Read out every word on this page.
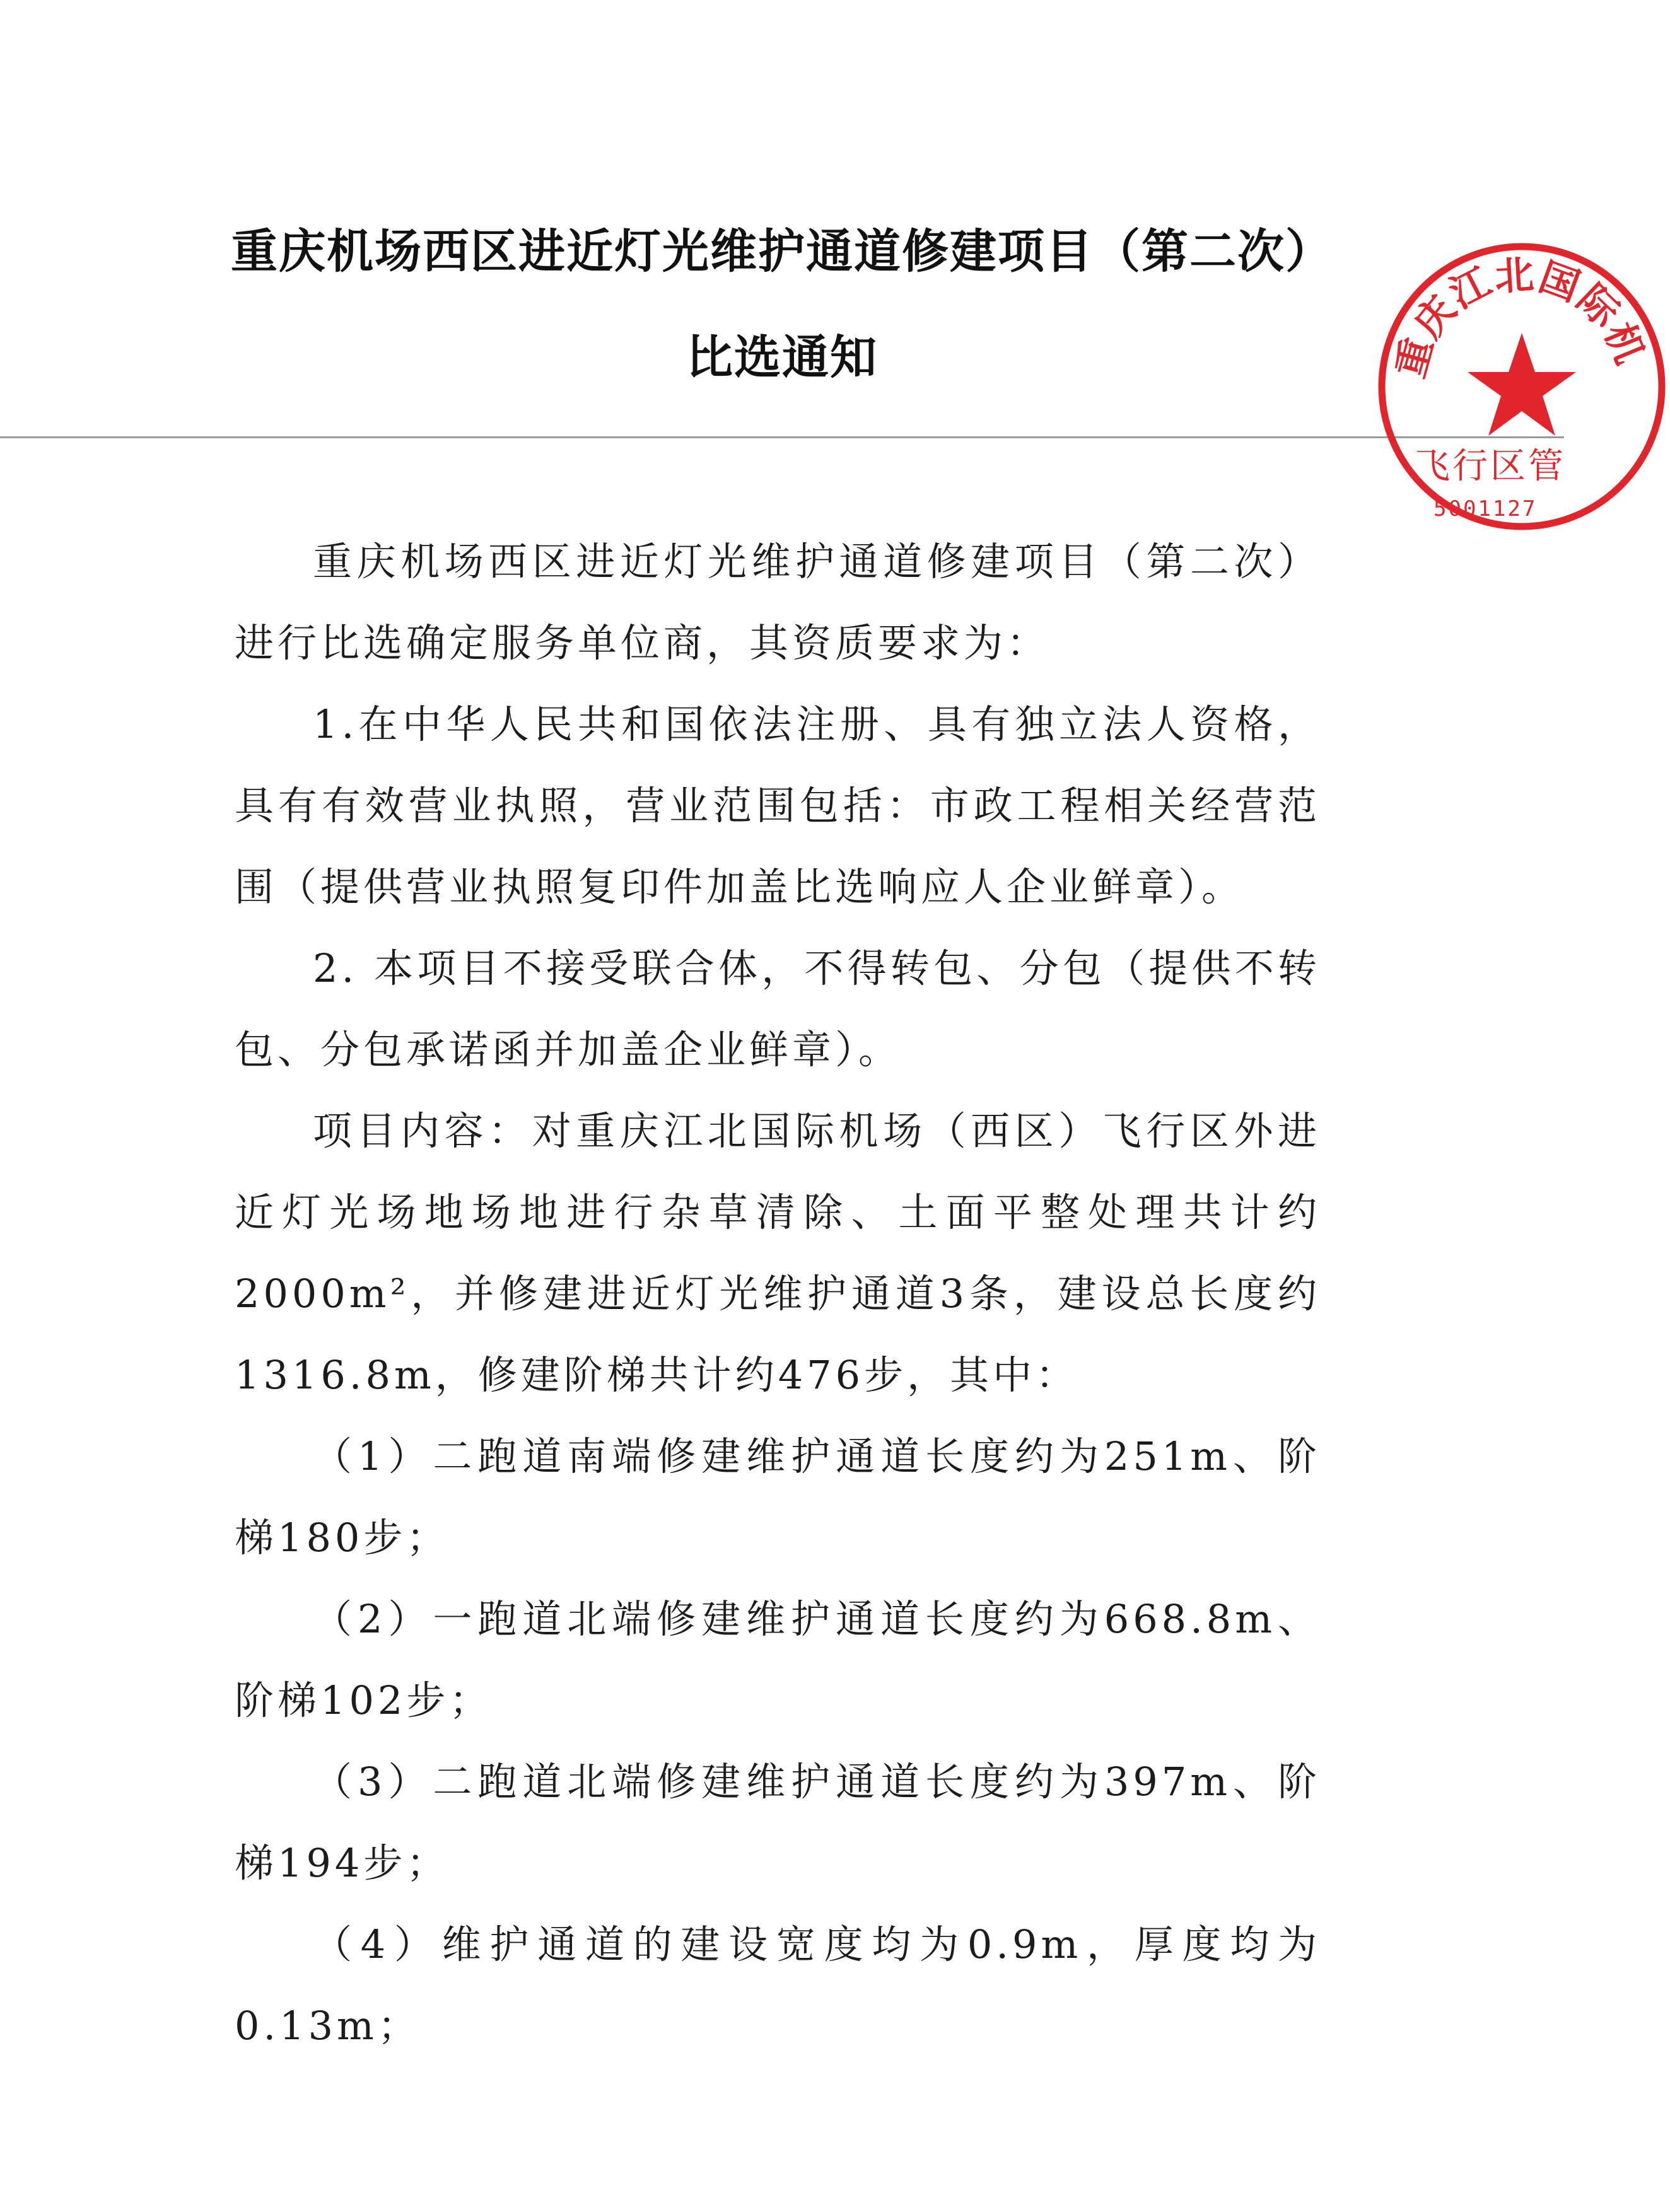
重庆机场西区进近灯光维护通道修建项目（第二次）
比选通知

重庆机场西区进近灯光维护通道修建项目（第二次）进行比选确定服务单位商，其资质要求为：

1.在中华人民共和国依法注册、具有独立法人资格，具有有效营业执照，营业范围包括：市政工程相关经营范围（提供营业执照复印件加盖比选响应人企业鲜章）。

2. 本项目不接受联合体，不得转包、分包（提供不转包、分包承诺函并加盖企业鲜章）。

项目内容：对重庆江北国际机场（西区）飞行区外进近灯光场地场地进行杂草清除、土面平整处理共计约2000m²，并修建进近灯光维护通道3条，建设总长度约1316.8m，修建阶梯共计约476步，其中：

（1）二跑道南端修建维护通道长度约为251m、阶梯180步；

（2）一跑道北端修建维护通道长度约为668.8m、阶梯102步；

（3）二跑道北端修建维护通道长度约为397m、阶梯194步；

（4）维护通道的建设宽度均为0.9m，厚度均为0.13m；

重庆江北国际机
飞行区管
5001127
